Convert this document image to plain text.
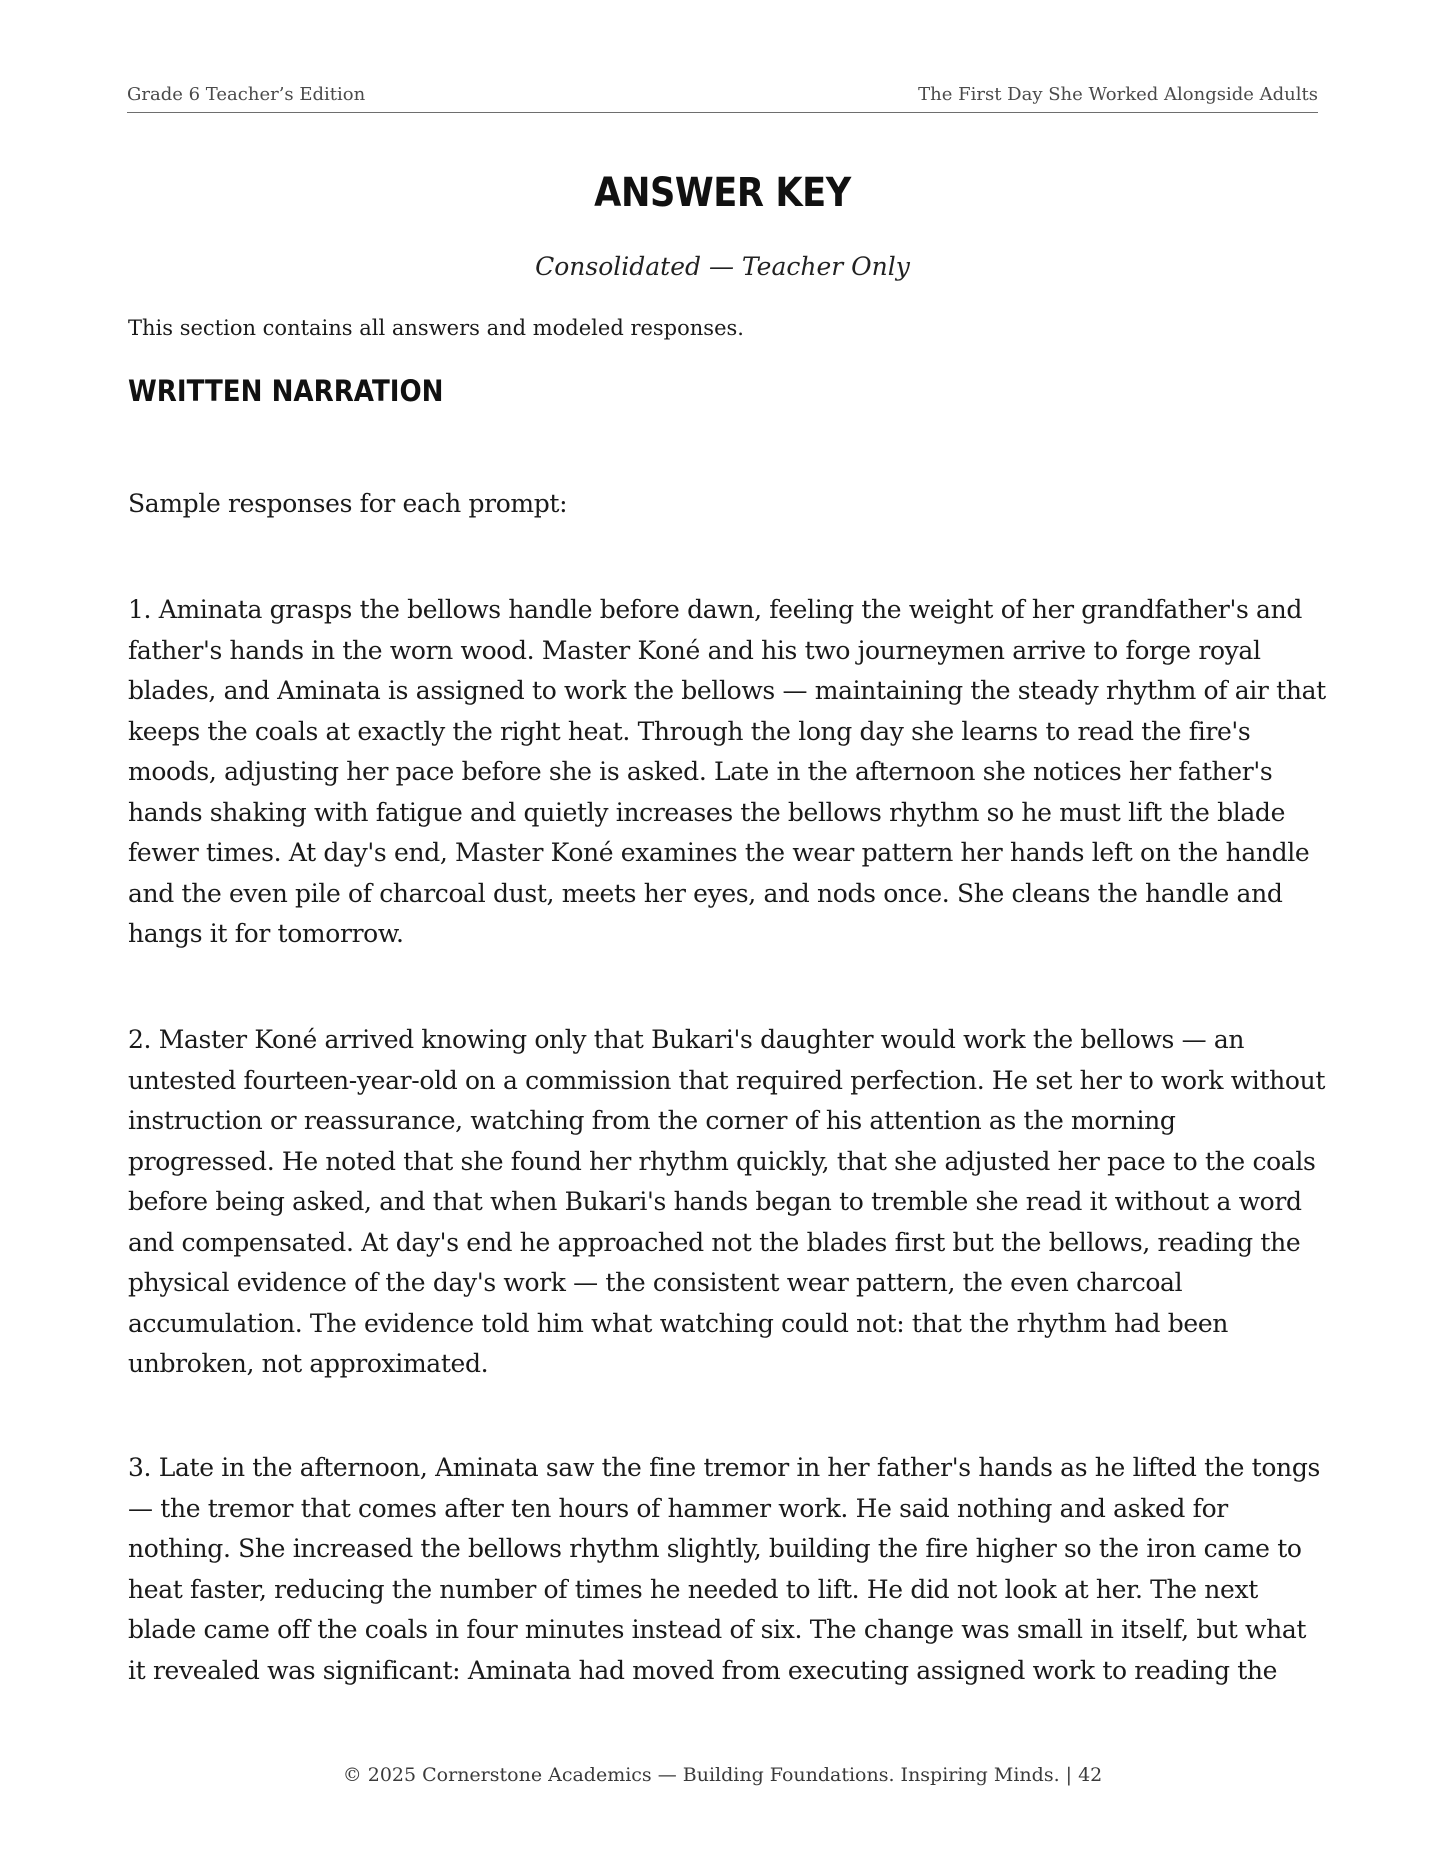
Grade 6 Teacher’s Edition	The First Day She Worked Alongside Adults
ANSWER KEY
Consolidated — Teacher Only
This section contains all answers and modeled responses.
WRITTEN NARRATION
Sample responses for each prompt:
1. Aminata grasps the bellows handle before dawn, feeling the weight of her grandfather's and father's hands in the worn wood. Master Koné and his two journeymen arrive to forge royal blades, and Aminata is assigned to work the bellows — maintaining the steady rhythm of air that keeps the coals at exactly the right heat. Through the long day she learns to read the fire's moods, adjusting her pace before she is asked. Late in the afternoon she notices her father's hands shaking with fatigue and quietly increases the bellows rhythm so he must lift the blade fewer times. At day's end, Master Koné examines the wear pattern her hands left on the handle and the even pile of charcoal dust, meets her eyes, and nods once. She cleans the handle and hangs it for tomorrow.
2. Master Koné arrived knowing only that Bukari's daughter would work the bellows — an untested fourteen-year-old on a commission that required perfection. He set her to work without instruction or reassurance, watching from the corner of his attention as the morning progressed. He noted that she found her rhythm quickly, that she adjusted her pace to the coals before being asked, and that when Bukari's hands began to tremble she read it without a word and compensated. At day's end he approached not the blades first but the bellows, reading the physical evidence of the day's work — the consistent wear pattern, the even charcoal accumulation. The evidence told him what watching could not: that the rhythm had been unbroken, not approximated.
3. Late in the afternoon, Aminata saw the fine tremor in her father's hands as he lifted the tongs — the tremor that comes after ten hours of hammer work. He said nothing and asked for nothing. She increased the bellows rhythm slightly, building the fire higher so the iron came to heat faster, reducing the number of times he needed to lift. He did not look at her. The next blade came off the coals in four minutes instead of six. The change was small in itself, but what it revealed was significant: Aminata had moved from executing assigned work to reading the
© 2025 Cornerstone Academics — Building Foundations. Inspiring Minds. | 42
